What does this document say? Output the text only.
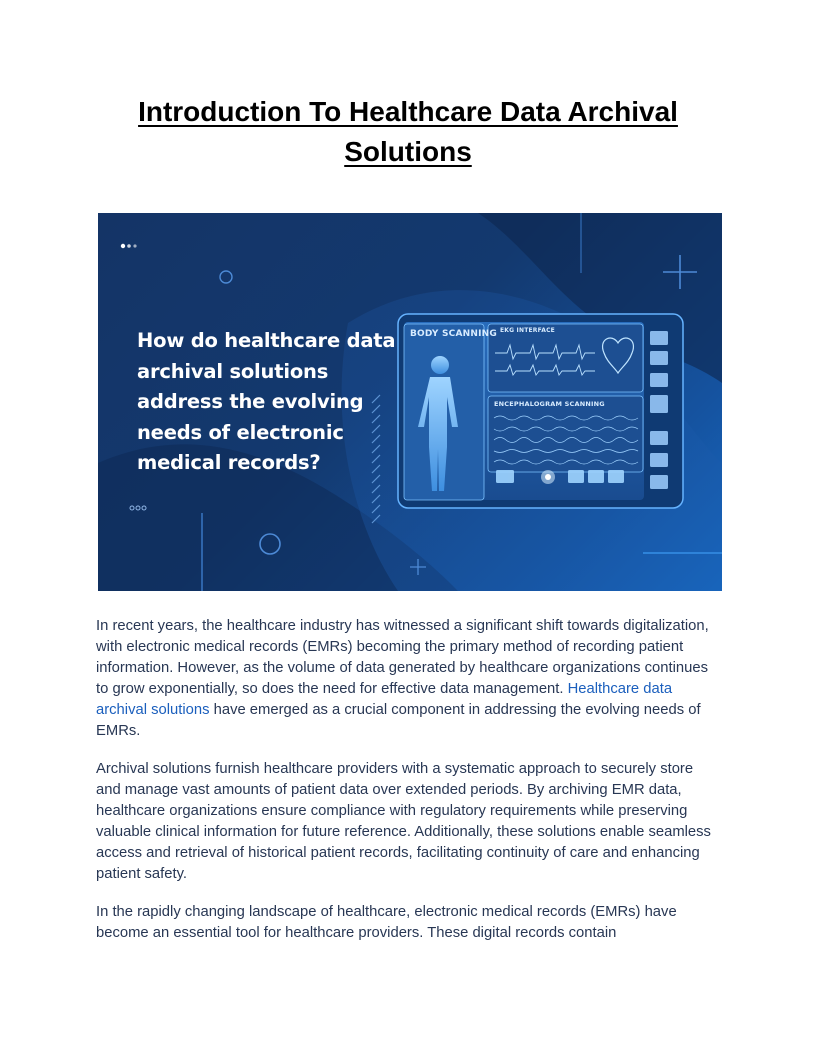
Introduction To Healthcare Data Archival Solutions
How do healthcare data archival solutions address the evolving needs of electronic medical records?
BODY SCANNING EKG INTERFACE
ENCEPHALOGRAM SCANNING

In recent years, the healthcare industry has witnessed a significant shift towards digitalization, with electronic medical records (EMRs) becoming the primary method of recording patient information. However, as the volume of data generated by healthcare organizations continues to grow exponentially, so does the need for effective data management. Healthcare data archival solutions have emerged as a crucial component in addressing the evolving needs of EMRs.

Archival solutions furnish healthcare providers with a systematic approach to securely store and manage vast amounts of patient data over extended periods. By archiving EMR data, healthcare organizations ensure compliance with regulatory requirements while preserving valuable clinical information for future reference. Additionally, these solutions enable seamless access and retrieval of historical patient records, facilitating continuity of care and enhancing patient safety.

In the rapidly changing landscape of healthcare, electronic medical records (EMRs) have become an essential tool for healthcare providers. These digital records contain
